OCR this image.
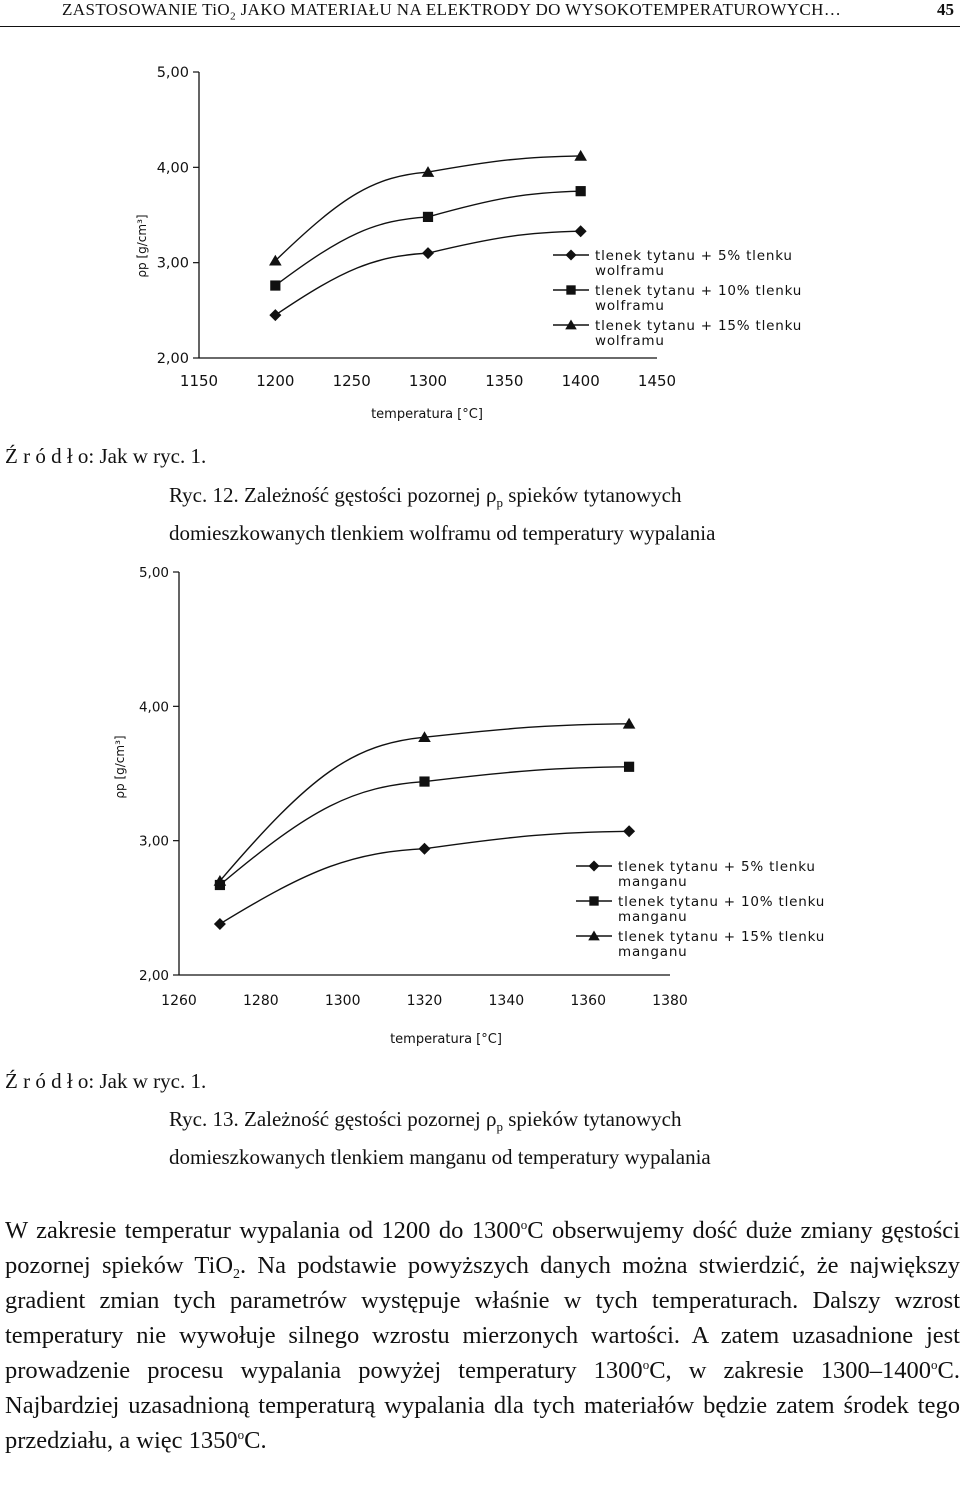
ZASTOSOWANIE TiO$_2$ JAKO MATERIAŁU NA ELEKTRODY DO WYSOKOTEMPERATUROWYCH…	45
2,00
3,00
4,00
5,00
1150	1200	1250	1300	1350	1400	1450
tlenek tytanu + 5% tlenku
wolframu
tlenek tytanu + 10% tlenku
wolframu
tlenek tytanu + 15% tlenku
wolframu
ρp [g/cm³]
temperatura [°C]
Ź r ó d ł o: Jak w ryc. 1.
Ryc. 12. Zależność gęstości pozornej $\rho_p$ spieków tytanowych
domieszkowanych tlenkiem wolframu od temperatury wypalania
2,00
3,00
4,00
5,00
1260	1280	1300	1320	1340	1360	1380
tlenek tytanu + 5% tlenku
manganu
tlenek tytanu + 10% tlenku
manganu
tlenek tytanu + 15% tlenku
manganu
ρp [g/cm³]
temperatura [°C]
Ź r ó d ł o: Jak w ryc. 1.
Ryc. 13. Zależność gęstości pozornej $\rho_p$ spieków tytanowych
domieszkowanych tlenkiem manganu od temperatury wypalania
W zakresie temperatur wypalania od 1200 do 1300$^o$C obserwujemy dość duże zmiany gęstości pozornej spieków TiO$_2$. Na podstawie powyższych danych można stwierdzić, że największy gradient zmian tych parametrów występuje właśnie w tych temperaturach. Dalszy wzrost temperatury nie wywołuje silnego wzrostu mierzonych wartości. A zatem uzasadnione jest prowadzenie procesu wypalania powyżej temperatury 1300$^o$C, w zakresie 1300–1400$^o$C. Najbardziej uzasadnioną temperaturą wypalania dla tych materiałów będzie zatem środek tego przedziału, a więc 1350$^o$C.
